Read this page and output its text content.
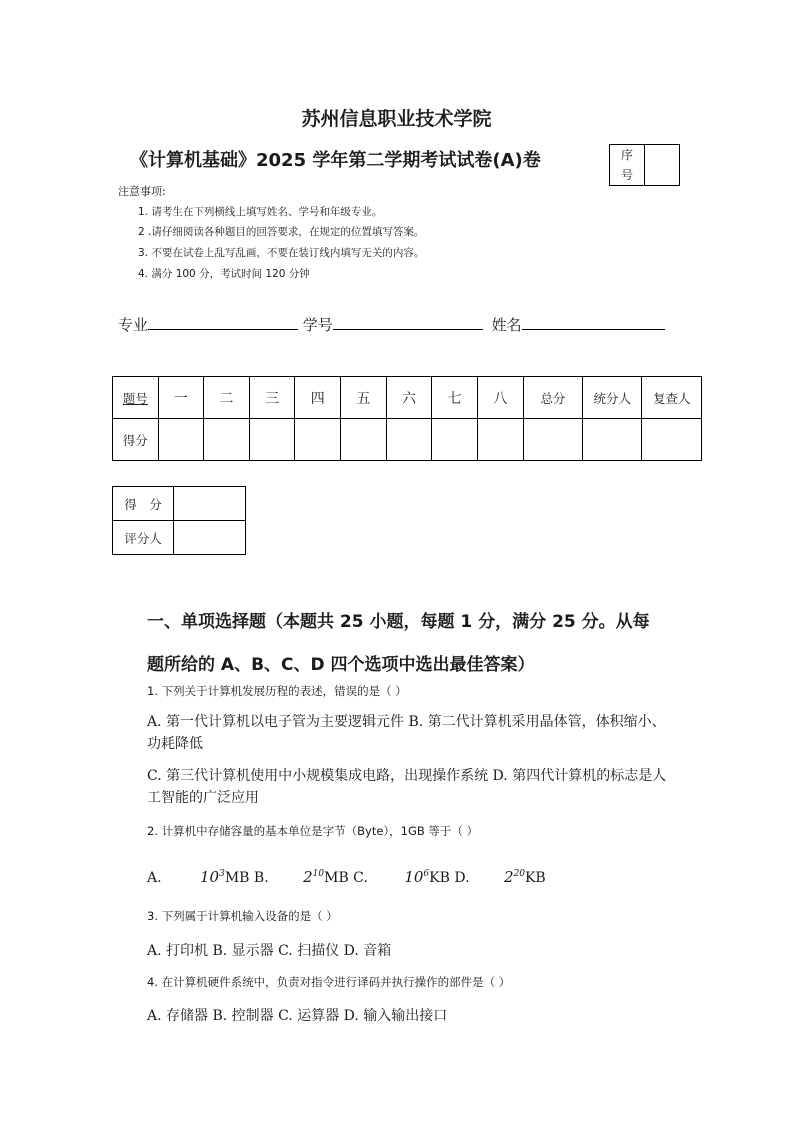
苏州信息职业技术学院
《计算机基础》2025 学年第二学期考试试卷(A)卷	序
号
注意事项:
1. 请考生在下列横线上填写姓名、学号和年级专业。
2 .请仔细阅读各种题目的回答要求，在规定的位置填写答案。
3. 不要在试卷上乱写乱画，不要在装订线内填写无关的内容。
4. 满分 100 分，考试时间 120 分钟
专业	学号	姓名
题号	一	二	三	四	五	六	七	八	总分	统分人	复查人
得分											
得　分	
评分人	
一、单项选择题（本题共 25 小题，每题 1 分，满分 25 分。从每
题所给的 A、B、C、D 四个选项中选出最佳答案）
1. 下列关于计算机发展历程的表述，错误的是（ ）
A. 第一代计算机以电子管为主要逻辑元件 B. 第二代计算机采用晶体管，体积缩小、功耗降低
C. 第三代计算机使用中小规模集成电路，出现操作系统 D. 第四代计算机的标志是人工智能的广泛应用
2. 计算机中存储容量的基本单位是字节（Byte），1GB 等于（ ）
A.	$10^3MB$ B. $2^{10}MB$ C. $10^6KB$ D. $2^{20}KB$
3. 下列属于计算机输入设备的是（ ）
A. 打印机 B. 显示器 C. 扫描仪 D. 音箱
4. 在计算机硬件系统中，负责对指令进行译码并执行操作的部件是（ ）
A. 存储器 B. 控制器 C. 运算器 D. 输入输出接口
